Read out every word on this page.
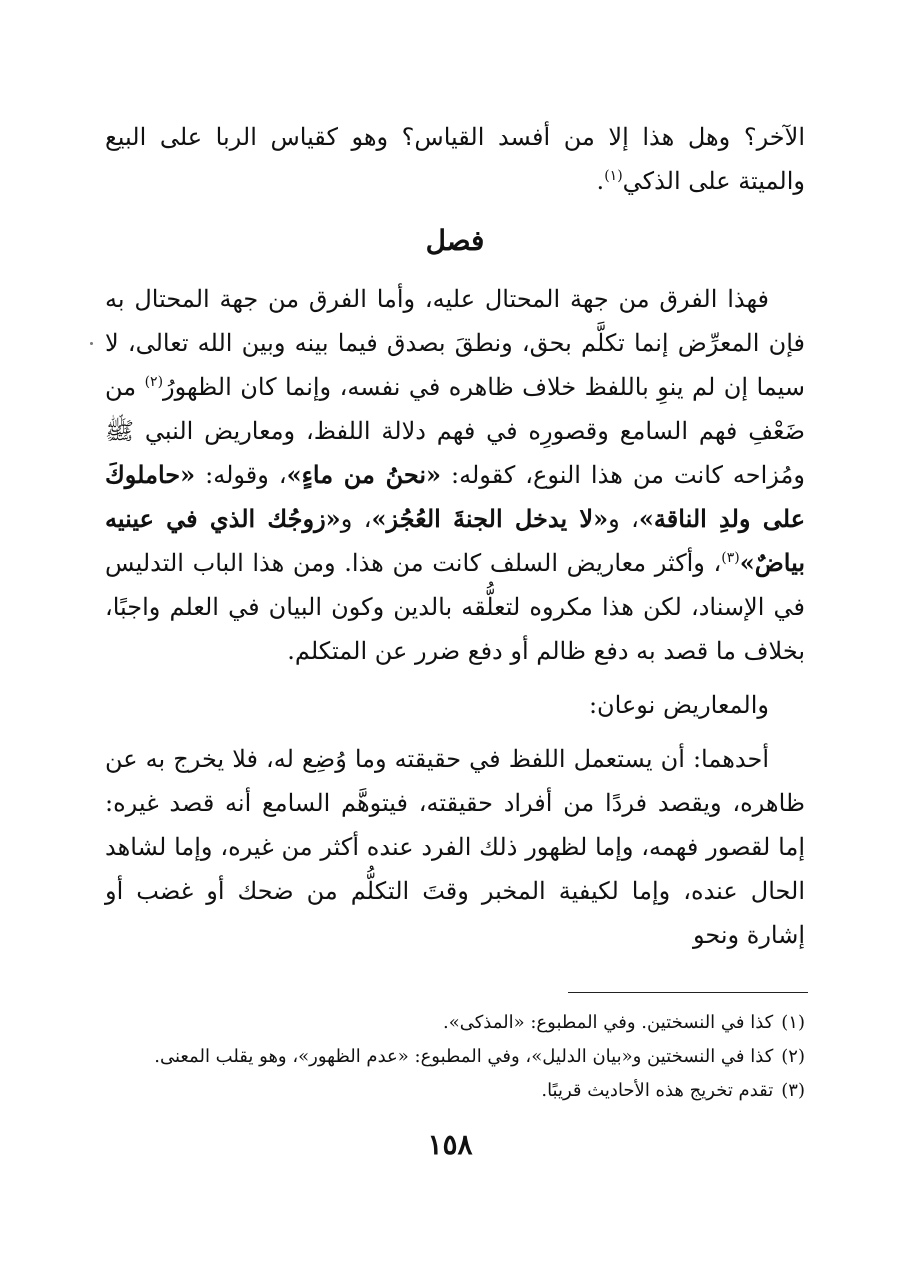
الآخر؟ وهل هذا إلا من أفسد القياس؟ وهو كقياس الربا على البيع والميتة على الذكي$^{(١)}$.

فصل

فهذا الفرق من جهة المحتال عليه، وأما الفرق من جهة المحتال به فإن المعرِّض إنما تكلَّم بحق، ونطقَ بصدق فيما بينه وبين الله تعالى، لا سيما إن لم ينوِ باللفظ خلاف ظاهره في نفسه، وإنما كان الظهورُ$^{(٢)}$ من ضَعْفِ فهم السامع وقصورِه في فهم دلالة اللفظ، ومعاريض النبي ﷺ ومُزاحه كانت من هذا النوع، كقوله: «نحنُ من ماءٍ»، وقوله: «حاملوكَ على ولدِ الناقة»، و«لا يدخل الجنةَ العُجُز»، و«زوجُك الذي في عينيه بياضٌ»$^{(٣)}$، وأكثر معاريض السلف كانت من هذا. ومن هذا الباب التدليس في الإسناد، لكن هذا مكروه لتعلُّقه بالدين وكون البيان في العلم واجبًا، بخلاف ما قصد به دفع ظالم أو دفع ضرر عن المتكلم.

والمعاريض نوعان:

أحدهما: أن يستعمل اللفظ في حقيقته وما وُضِع له، فلا يخرج به عن ظاهره، ويقصد فردًا من أفراد حقيقته، فيتوهَّم السامع أنه قصد غيره: إما لقصور فهمه، وإما لظهور ذلك الفرد عنده أكثر من غيره، وإما لشاهد الحال عنده، وإما لكيفية المخبر وقتَ التكلُّم من ضحك أو غضب أو إشارة ونحو

(١)
كذا في النسختين. وفي المطبوع: «المذكى».
(٢)
كذا في النسختين و«بيان الدليل»، وفي المطبوع: «عدم الظهور»، وهو يقلب المعنى.
(٣)
تقدم تخريج هذه الأحاديث قريبًا.
١٥٨
